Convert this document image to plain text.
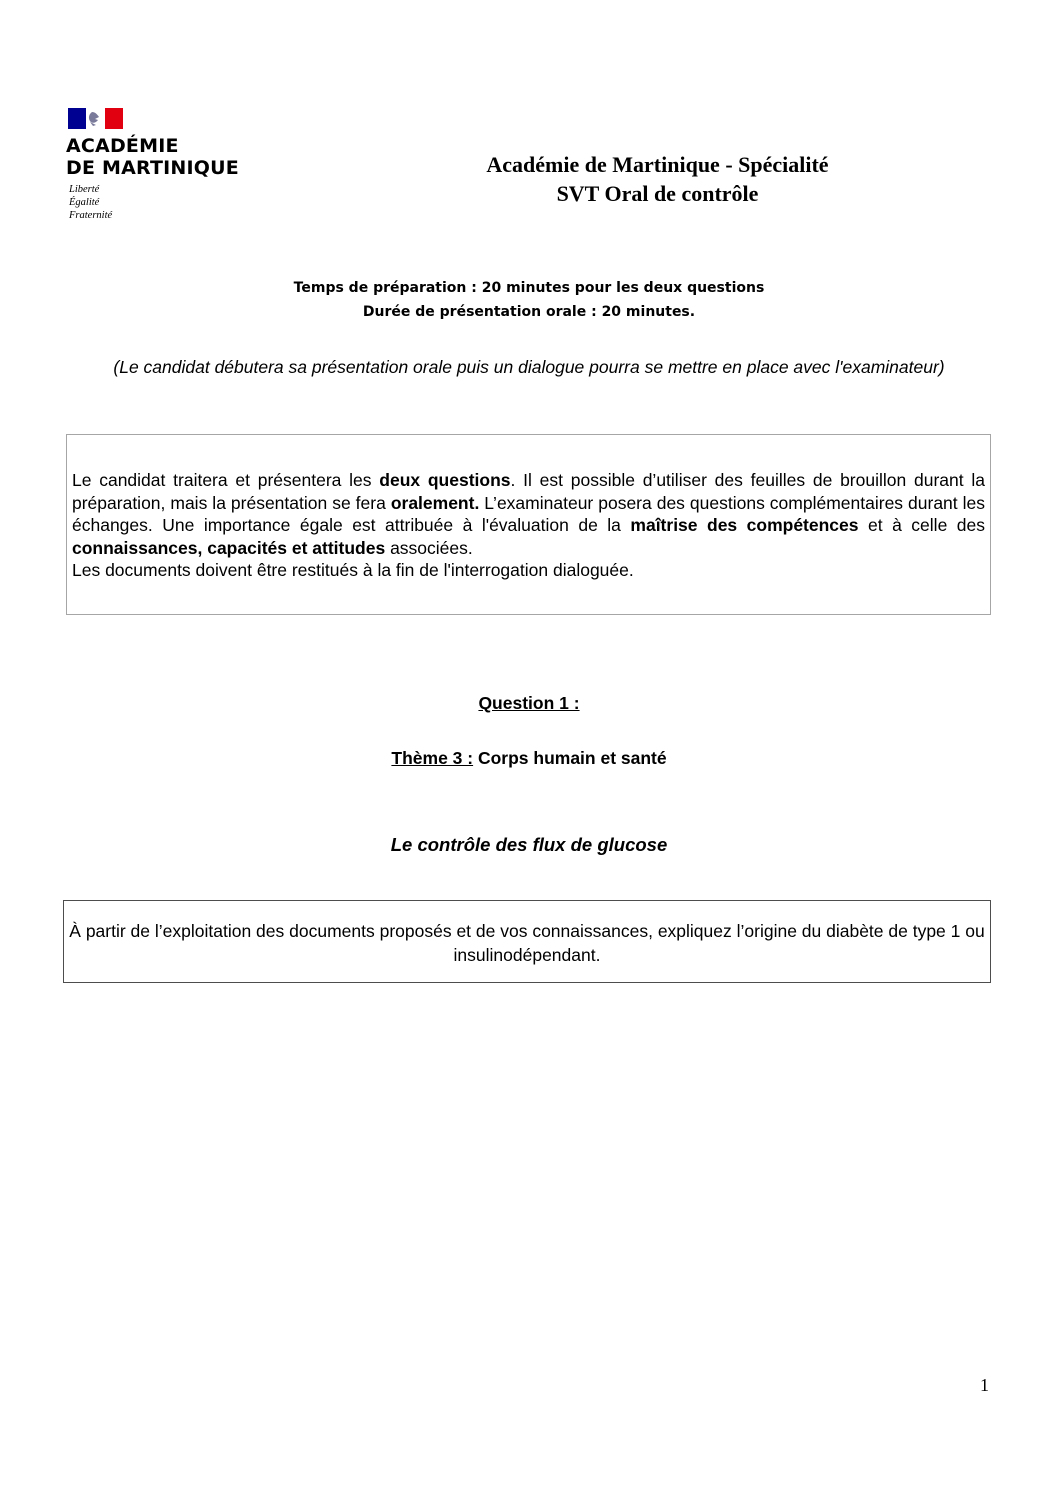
ACADÉMIE
DE MARTINIQUE
Liberté
Égalité
Fraternité
Académie de Martinique - Spécialité
SVT Oral de contrôle
Temps de préparation : 20 minutes pour les deux questions
Durée de présentation orale : 20 minutes.
(Le candidat débutera sa présentation orale puis un dialogue pourra se mettre en place avec l'examinateur)

Le candidat traitera et présentera les deux questions. Il est possible d’utiliser des feuilles de brouillon durant la préparation, mais la présentation se fera oralement. L’examinateur posera des questions complémentaires durant les échanges. Une importance égale est attribuée à l'évaluation de la maîtrise des compétences et à celle des connaissances, capacités et attitudes associées.
Les documents doivent être restitués à la fin de l'interrogation dialoguée.

Question 1 :
Thème 3 : Corps humain et santé
Le contrôle des flux de glucose
À partir de l’exploitation des documents proposés et de vos connaissances, expliquez l’origine du diabète de type 1 ou insulinodépendant.
1
